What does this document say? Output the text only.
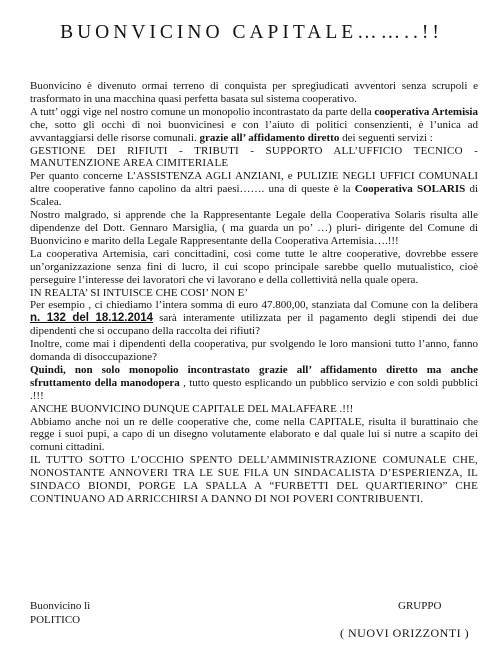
BUONVICINO CAPITALE……..!!

Buonvicino è divenuto ormai terreno di conquista per spregiudicati avventori senza scrupoli e trasformato in una macchina quasi perfetta basata sul sistema cooperativo.

A tutt’ oggi vige nel nostro comune un monopolio incontrastato da parte della cooperativa Artemisia che, sotto gli occhi di noi buonvicinesi e con l’aiuto di politici consenzienti, è l’unica ad avvantaggiarsi delle risorse comunali. grazie all’ affidamento diretto dei seguenti servizi :

GESTIONE DEI RIFIUTI - TRIBUTI - SUPPORTO ALL’UFFICIO TECNICO - MANUTENZIONE AREA CIMITERIALE

Per quanto concerne L’ASSISTENZA AGLI ANZIANI, e PULIZIE NEGLI UFFICI COMUNALI altre cooperative fanno capolino da altri paesi……. una di queste è la Cooperativa SOLARIS di Scalea.

Nostro malgrado, si apprende che la Rappresentante Legale della Cooperativa Solaris risulta alle dipendenze del Dott. Gennaro Marsiglia, ( ma guarda un po’ …) pluri- dirigente del Comune di Buonvicino e marito della Legale Rappresentante della Cooperativa Artemisia….!!!

La cooperativa Artemisia, cari concittadini, così come tutte le altre cooperative, dovrebbe essere un’organizzazione senza fini di lucro, il cui scopo principale sarebbe quello mutualistico, cioè perseguire l’interesse dei lavoratori che vi lavorano e della collettività nella quale opera.

IN REALTA’ SI INTUISCE CHE COSI’ NON E’

Per esempio , ci chiediamo l’intera somma di euro 47.800,00, stanziata dal Comune con la delibera n. 132 del 18.12.2014 sarà interamente utilizzata per il pagamento degli stipendi dei due dipendenti che si occupano della raccolta dei rifiuti?

Inoltre, come mai i dipendenti della cooperativa, pur svolgendo le loro mansioni tutto l’anno, fanno domanda di disoccupazione?

Quindi, non solo monopolio incontrastato grazie all’ affidamento diretto ma anche sfruttamento della manodopera , tutto questo esplicando un pubblico servizio e con soldi pubblici .!!!

ANCHE BUONVICINO DUNQUE CAPITALE DEL MALAFFARE .!!!

Abbiamo anche noi un re delle cooperative che, come nella CAPITALE, risulta il burattinaio che regge i suoi pupi, a capo di un disegno volutamente elaborato e dal quale lui si nutre a scapito dei comuni cittadini.

IL TUTTO SOTTO L’OCCHIO SPENTO DELL’AMMINISTRAZIONE COMUNALE CHE, NONOSTANTE ANNOVERI TRA LE SUE FILA UN SINDACALISTA D’ESPERIENZA, IL SINDACO BIONDI, PORGE LA SPALLA A “FURBETTI DEL QUARTIERINO” CHE CONTINUANO AD ARRICCHIRSI A DANNO DI NOI POVERI CONTRIBUENTI.

Buonvicino lì
POLITICO
GRUPPO
( NUOVI ORIZZONTI )
